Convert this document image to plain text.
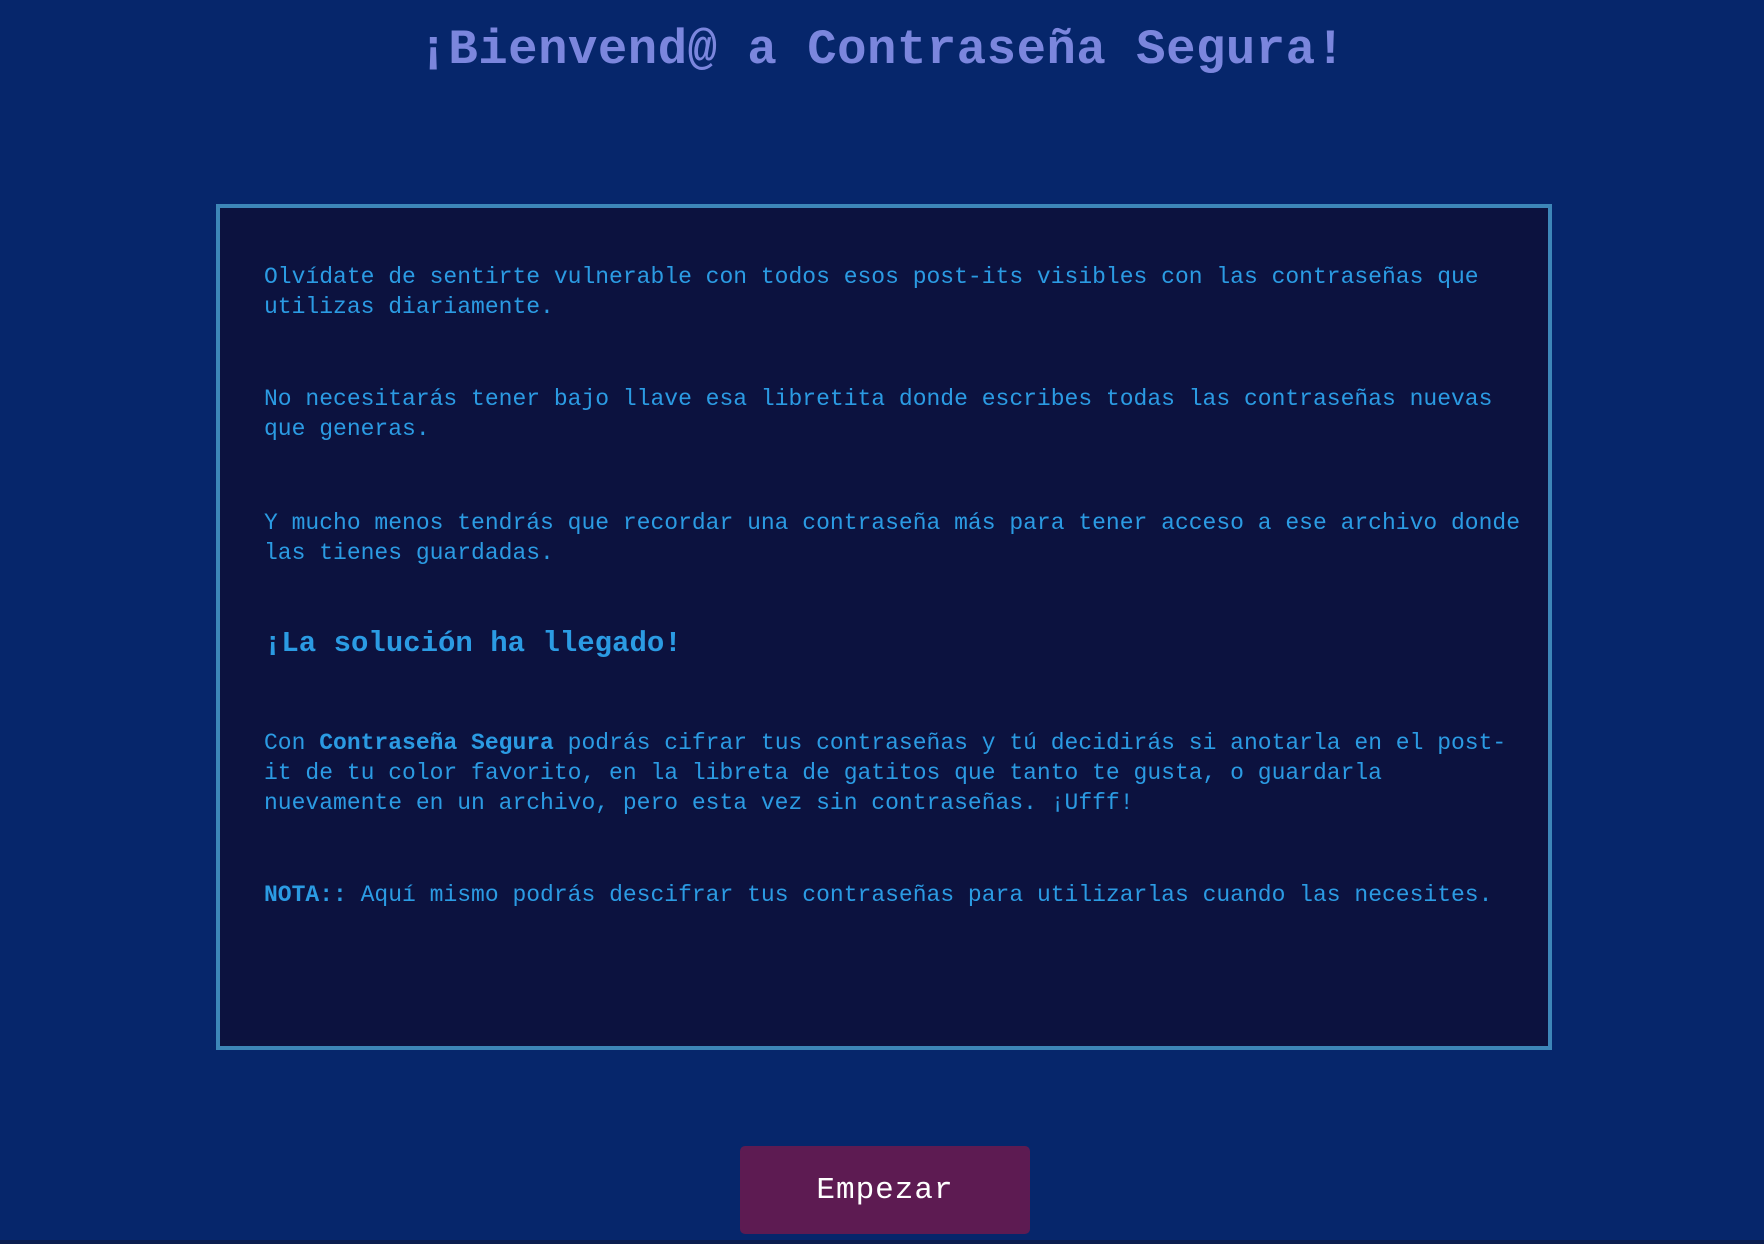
¡Bienvend@ a Contraseña Segura!

Olvídate de sentirte vulnerable con todos esos post-its visibles con las contraseñas que utilizas diariamente.

No necesitarás tener bajo llave esa libretita donde escribes todas las contraseñas nuevas que generas.

Y mucho menos tendrás que recordar una contraseña más para tener acceso a ese archivo donde las tienes guardadas.

¡La solución ha llegado!

Con Contraseña Segura podrás cifrar tus contraseñas y tú decidirás si anotarla en el post-it de tu color favorito, en la libreta de gatitos que tanto te gusta, o guardarla nuevamente en un archivo, pero esta vez sin contraseñas. ¡Ufff!

NOTA:: Aquí mismo podrás descifrar tus contraseñas para utilizarlas cuando las necesites.

Empezar
